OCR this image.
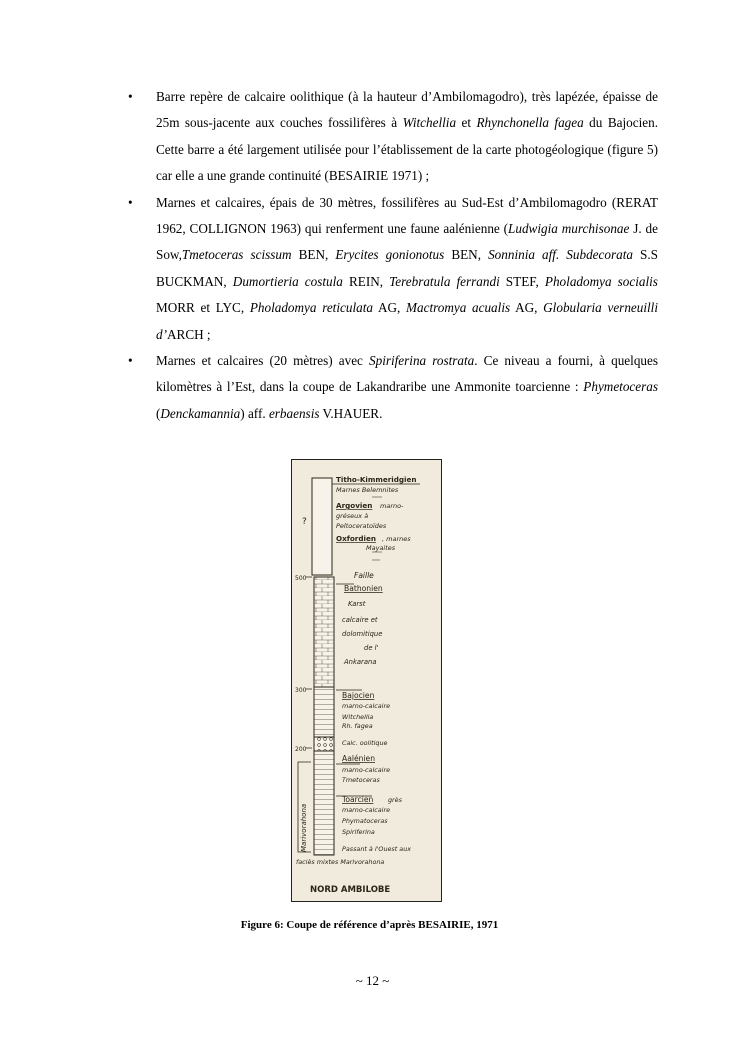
• Barre repère de calcaire oolithique (à la hauteur d’Ambilomagodro), très lapézée, épaisse de 25m sous-jacente aux couches fossilifères à Witchellia et Rhynchonella fagea du Bajocien. Cette barre a été largement utilisée pour l’établissement de la carte photogéologique (figure 5) car elle a une grande continuité (BESAIRIE 1971) ;
• Marnes et calcaires, épais de 30 mètres, fossilifères au Sud-Est d’Ambilomagodro (RERAT 1962, COLLIGNON 1963) qui renferment une faune aalénienne (Ludwigia murchisonae J. de Sow,Tmetoceras scissum BEN, Erycites gonionotus BEN, Sonninia aff. Subdecorata S.S BUCKMAN, Dumortieria costula REIN, Terebratula ferrandi STEF, Pholadomya socialis MORR et LYC, Pholadomya reticulata AG, Mactromya acualis AG, Globularia verneuilli d’ARCH ;
• Marnes et calcaires (20 mètres) avec Spiriferina rostrata. Ce niveau a fourni, à quelques kilomètres à l’Est, dans la coupe de Lakandraribe une Ammonite toarcienne : Phymetoceras (Denckamannia) aff. erbaensis V.HAUER.
500
300
200
?
Marivorahona
Titho-Kimmeridgien
Marnes Belemnites
Argovien marno-
gréseux à
Peltoceratoïdes
Oxfordien , marnes
Mayaites
Faille
Bathonien
Karst
calcaire et
dolomitique
de l'
Ankarana
Bajocien
marno-calcaire
Witchellia
Rh. fagea
Calc. oolitique
Aalénien
marno-calcaire
Tmetoceras
Toarcien grès
marno-calcaire
Phymatoceras
Spiriferina
Passant à l'Ouest aux
faciès mixtes Marivorahona
NORD AMBILOBE
Figure 6: Coupe de référence d’après BESAIRIE, 1971
~ 12 ~
